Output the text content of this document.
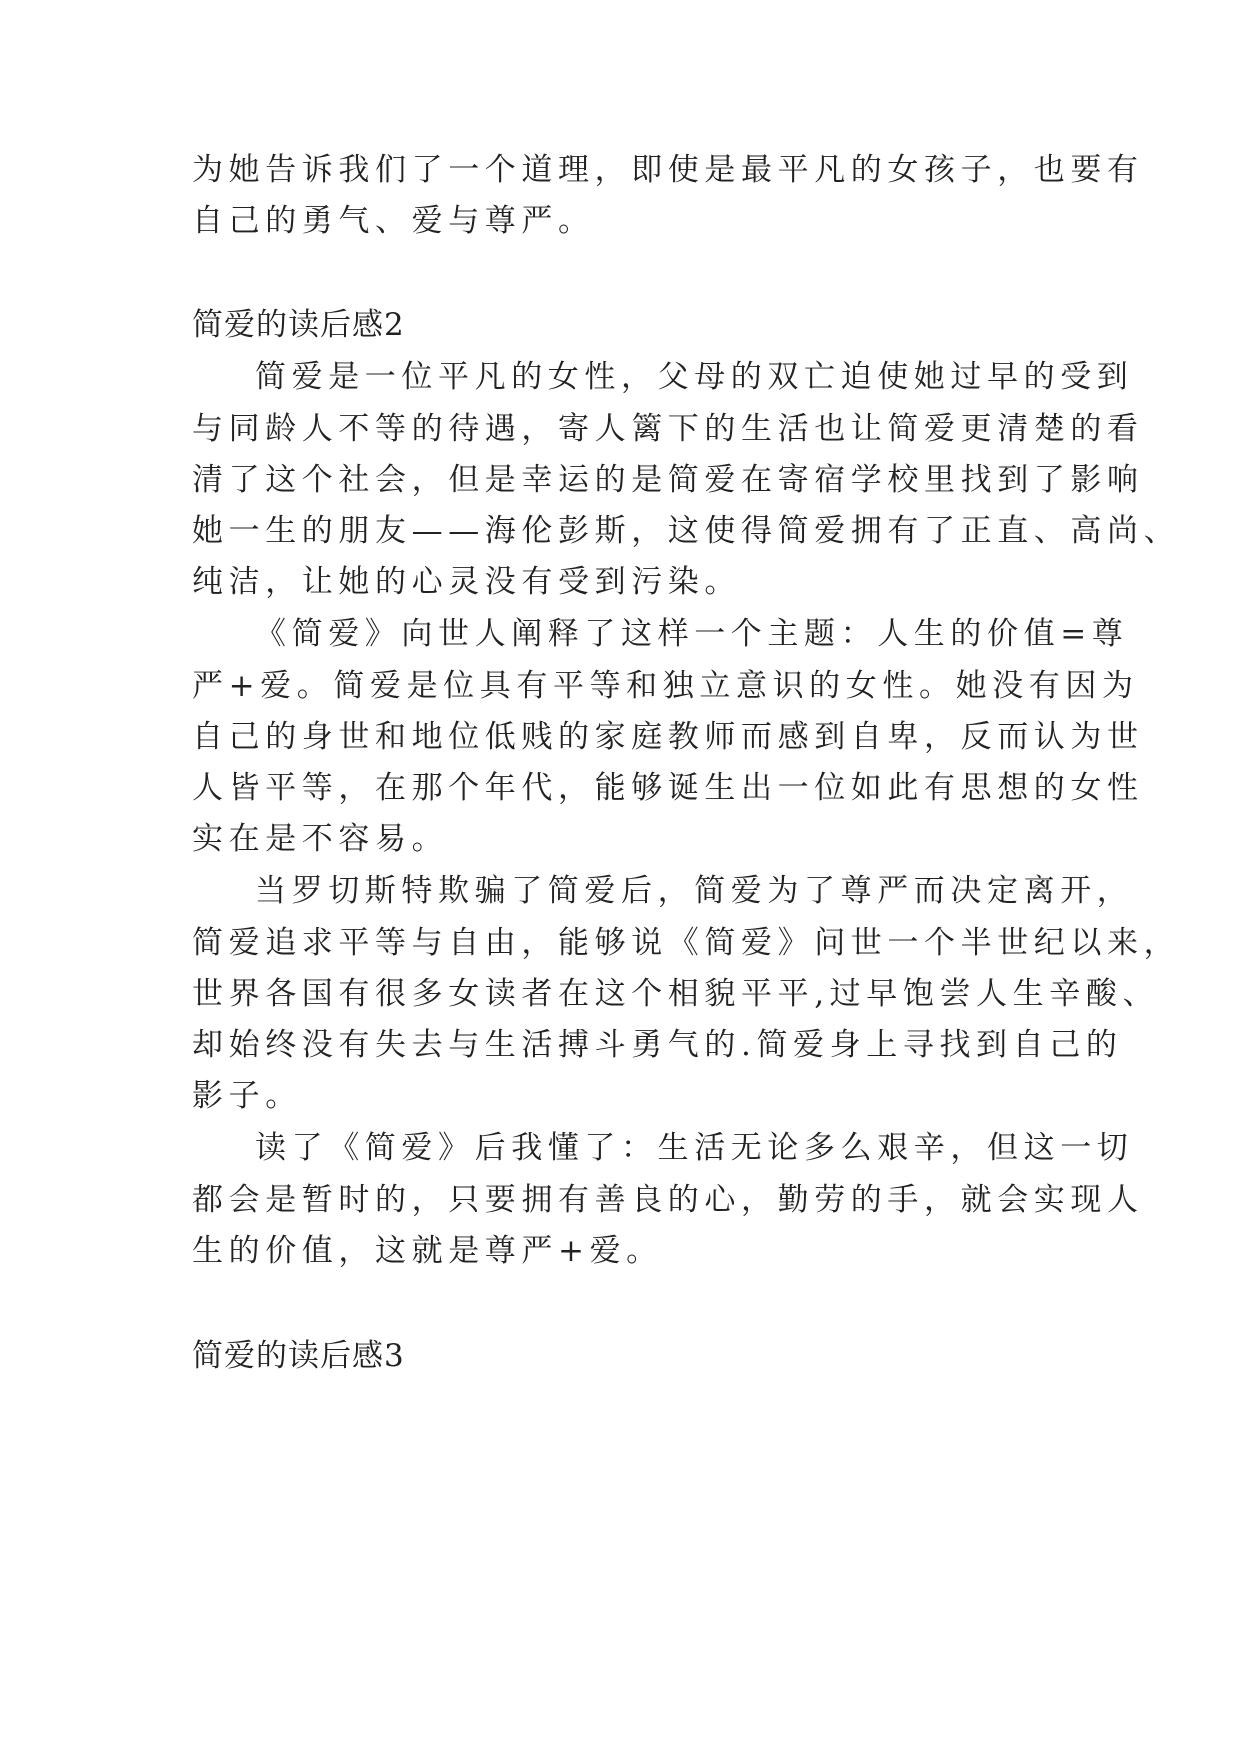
为她告诉我们了一个道理，即使是最平凡的女孩子，也要有
自己的勇气、爱与尊严。
简爱的读后感2
简爱是一位平凡的女性，父母的双亡迫使她过早的受到
与同龄人不等的待遇，寄人篱下的生活也让简爱更清楚的看
清了这个社会，但是幸运的是简爱在寄宿学校里找到了影响
她一生的朋友——海伦彭斯，这使得简爱拥有了正直、高尚、
纯洁，让她的心灵没有受到污染。
《简爱》向世人阐释了这样一个主题：人生的价值=尊
严+爱。简爱是位具有平等和独立意识的女性。她没有因为
自己的身世和地位低贱的家庭教师而感到自卑，反而认为世
人皆平等，在那个年代，能够诞生出一位如此有思想的女性
实在是不容易。
当罗切斯特欺骗了简爱后，简爱为了尊严而决定离开，
简爱追求平等与自由，能够说《简爱》问世一个半世纪以来，
世界各国有很多女读者在这个相貌平平,过早饱尝人生辛酸、
却始终没有失去与生活搏斗勇气的.简爱身上寻找到自己的
影子。
读了《简爱》后我懂了：生活无论多么艰辛，但这一切
都会是暂时的，只要拥有善良的心，勤劳的手，就会实现人
生的价值，这就是尊严+爱。
简爱的读后感3
